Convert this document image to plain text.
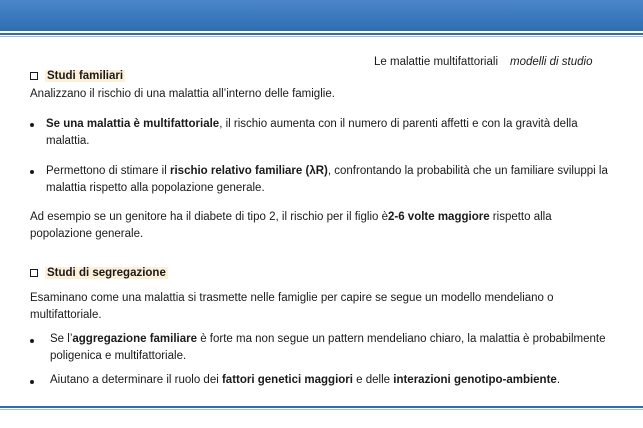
Le malattie multifattoriali modelli di studio
Studi familiari
Analizzano il rischio di una malattia all’interno delle famiglie.
Se una malattia è multifattoriale, il rischio aumenta con il numero di parenti affetti e con la gravità della malattia.
Permettono di stimare il rischio relativo familiare (λR), confrontando la probabilità che un familiare sviluppi la malattia rispetto alla popolazione generale.
Ad esempio se un genitore ha il diabete di tipo 2, il rischio per il figlio è2-6 volte maggiore rispetto alla popolazione generale.
Studi di segregazione
Esaminano come una malattia si trasmette nelle famiglie per capire se segue un modello mendeliano o multifattoriale.
Se l’aggregazione familiare è forte ma non segue un pattern mendeliano chiaro, la malattia è probabilmente poligenica e multifattoriale.
Aiutano a determinare il ruolo dei fattori genetici maggiori e delle interazioni genotipo-ambiente.
